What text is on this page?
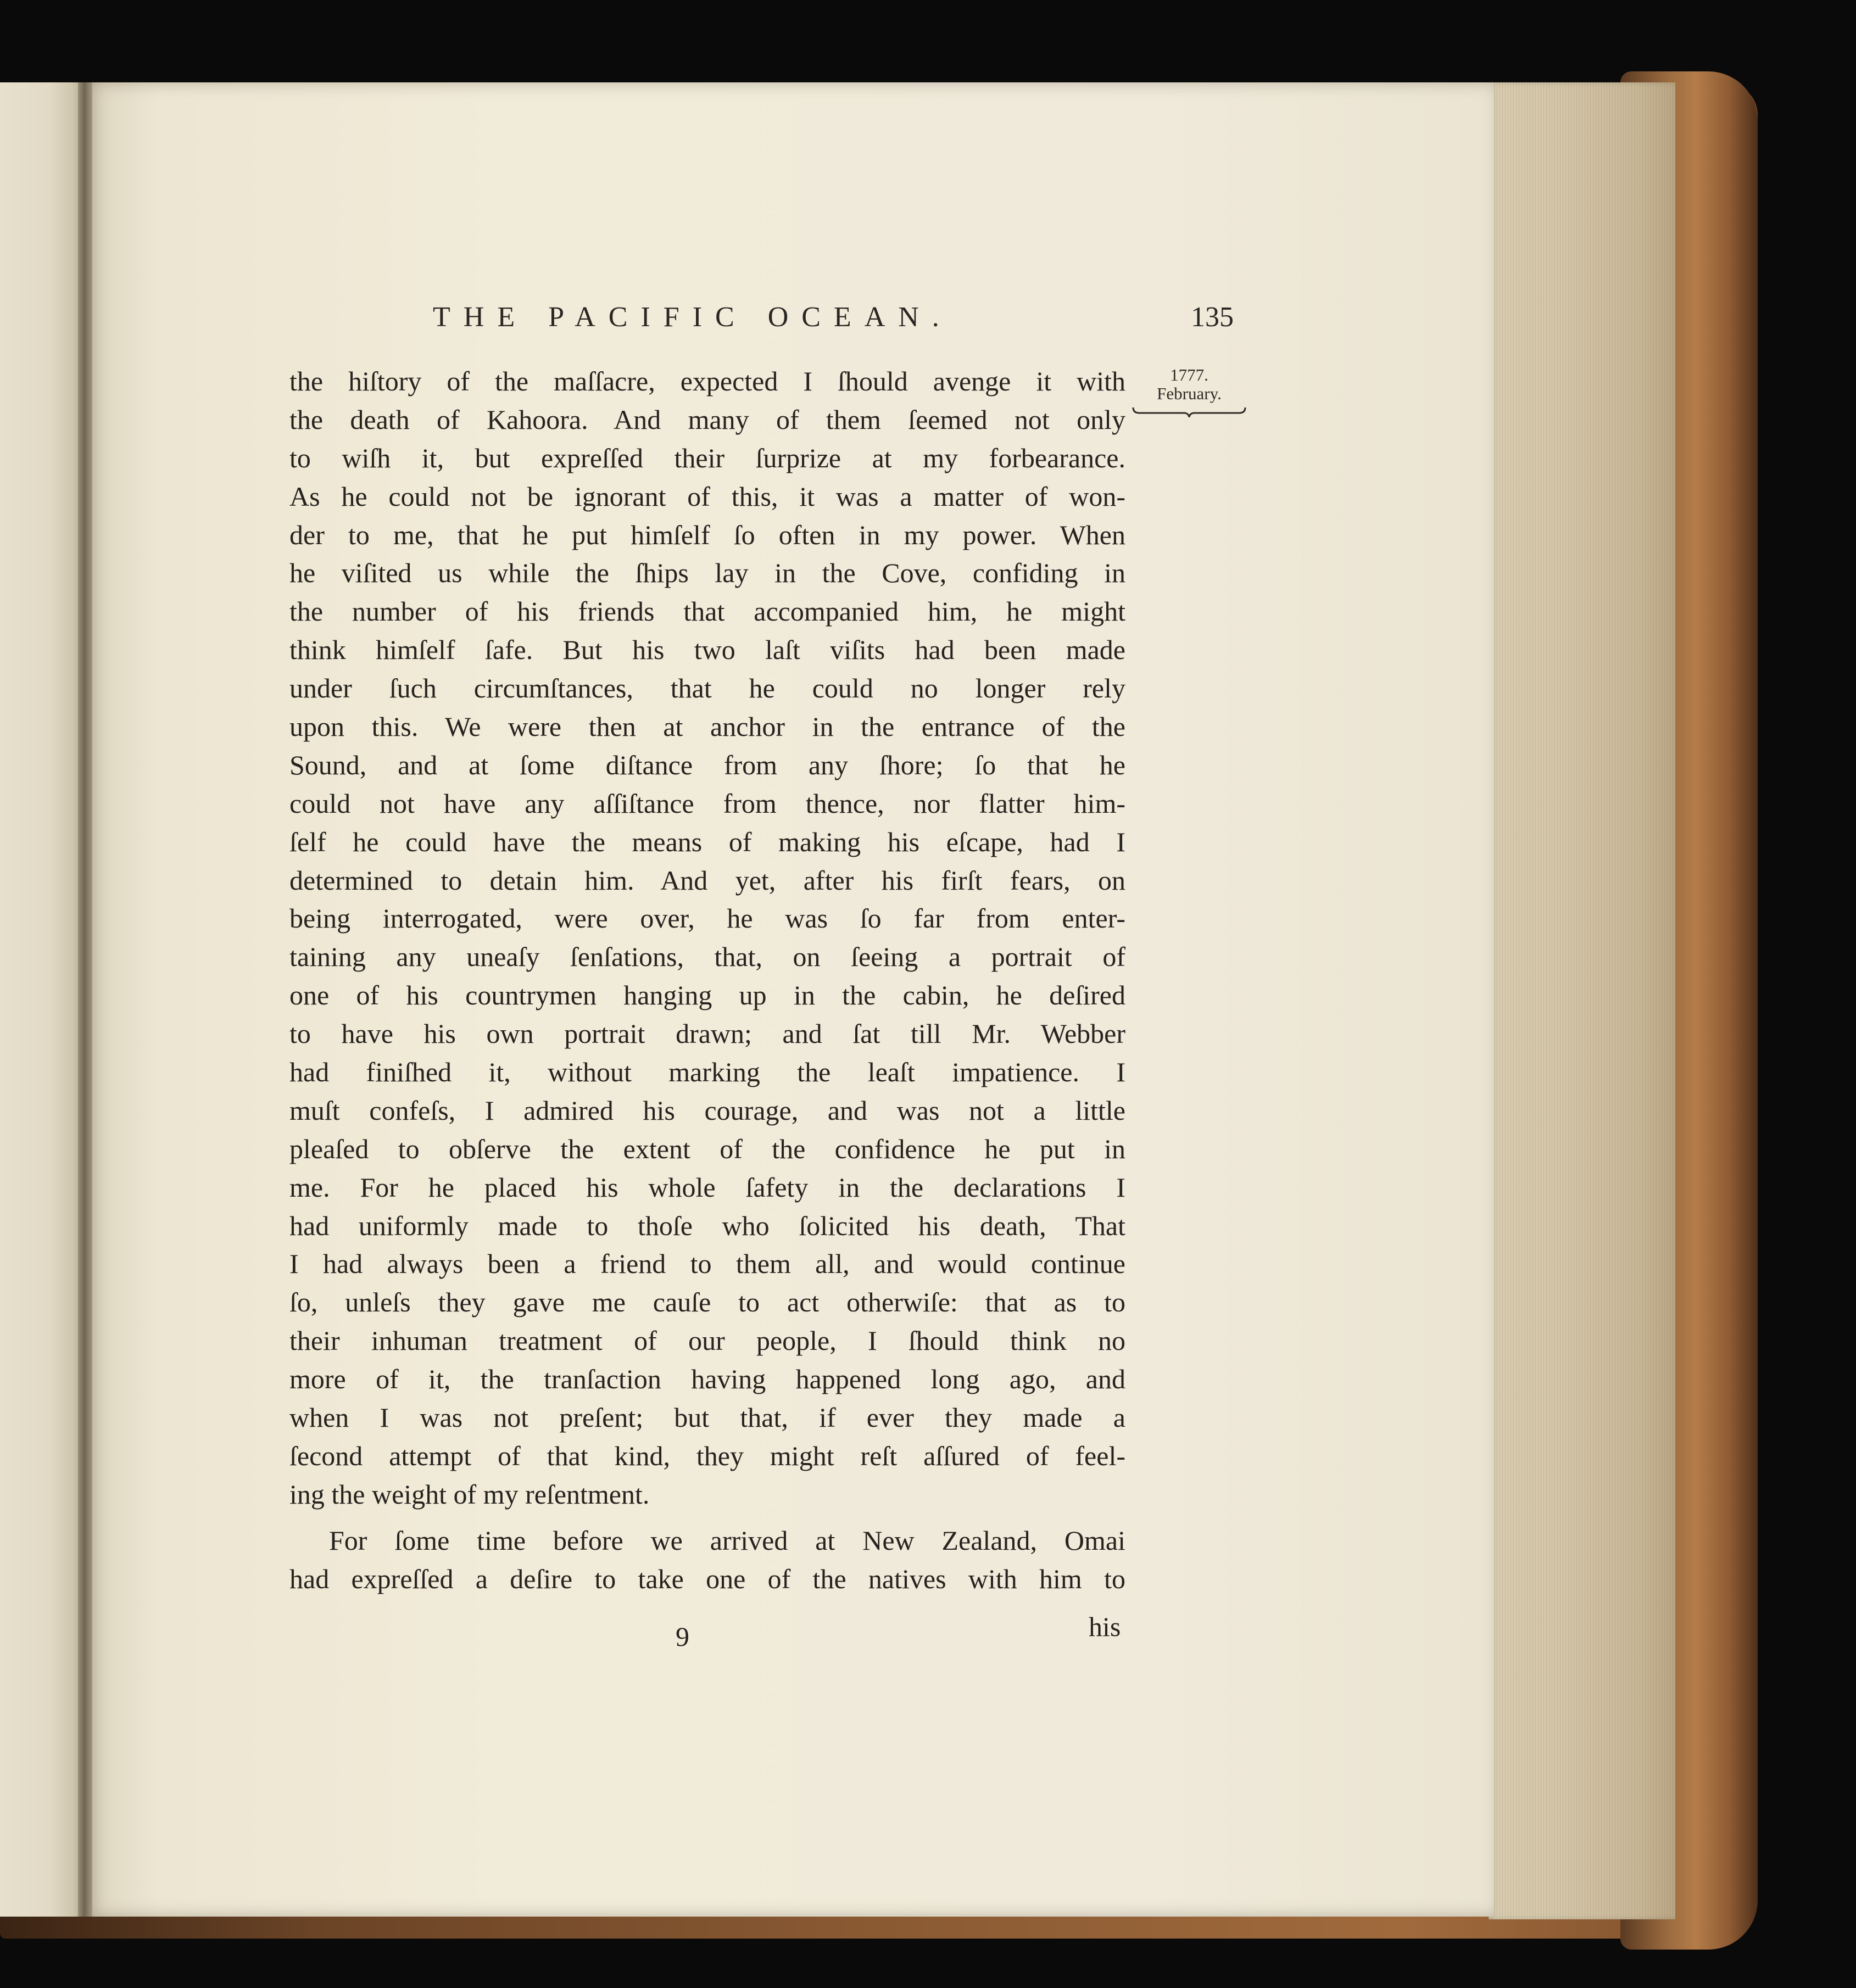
THE PACIFIC OCEAN.	135
1777.
February.
the hiſtory of the maſſacre, expected I ſhould avenge it with
the death of Kahoora. And many of them ſeemed not only
to wiſh it, but expreſſed their ſurprize at my forbearance.
As he could not be ignorant of this, it was a matter of won-
der to me, that he put himſelf ſo often in my power. When
he viſited us while the ſhips lay in the Cove, confiding in
the number of his friends that accompanied him, he might
think himſelf ſafe. But his two laſt viſits had been made
under ſuch circumſtances, that he could no longer rely
upon this. We were then at anchor in the entrance of the
Sound, and at ſome diſtance from any ſhore; ſo that he
could not have any aſſiſtance from thence, nor flatter him-
ſelf he could have the means of making his eſcape, had I
determined to detain him. And yet, after his firſt fears, on
being interrogated, were over, he was ſo far from enter-
taining any uneaſy ſenſations, that, on ſeeing a portrait of
one of his countrymen hanging up in the cabin, he deſired
to have his own portrait drawn; and ſat till Mr. Webber
had finiſhed it, without marking the leaſt impatience. I
muſt confeſs, I admired his courage, and was not a little
pleaſed to obſerve the extent of the confidence he put in
me. For he placed his whole ſafety in the declarations I
had uniformly made to thoſe who ſolicited his death, That
I had always been a friend to them all, and would continue
ſo, unleſs they gave me cauſe to act otherwiſe: that as to
their inhuman treatment of our people, I ſhould think no
more of it, the tranſaction having happened long ago, and
when I was not preſent; but that, if ever they made a
ſecond attempt of that kind, they might reſt aſſured of feel-
ing the weight of my reſentment.
For ſome time before we arrived at New Zealand, Omai
had expreſſed a deſire to take one of the natives with him to
9	his
